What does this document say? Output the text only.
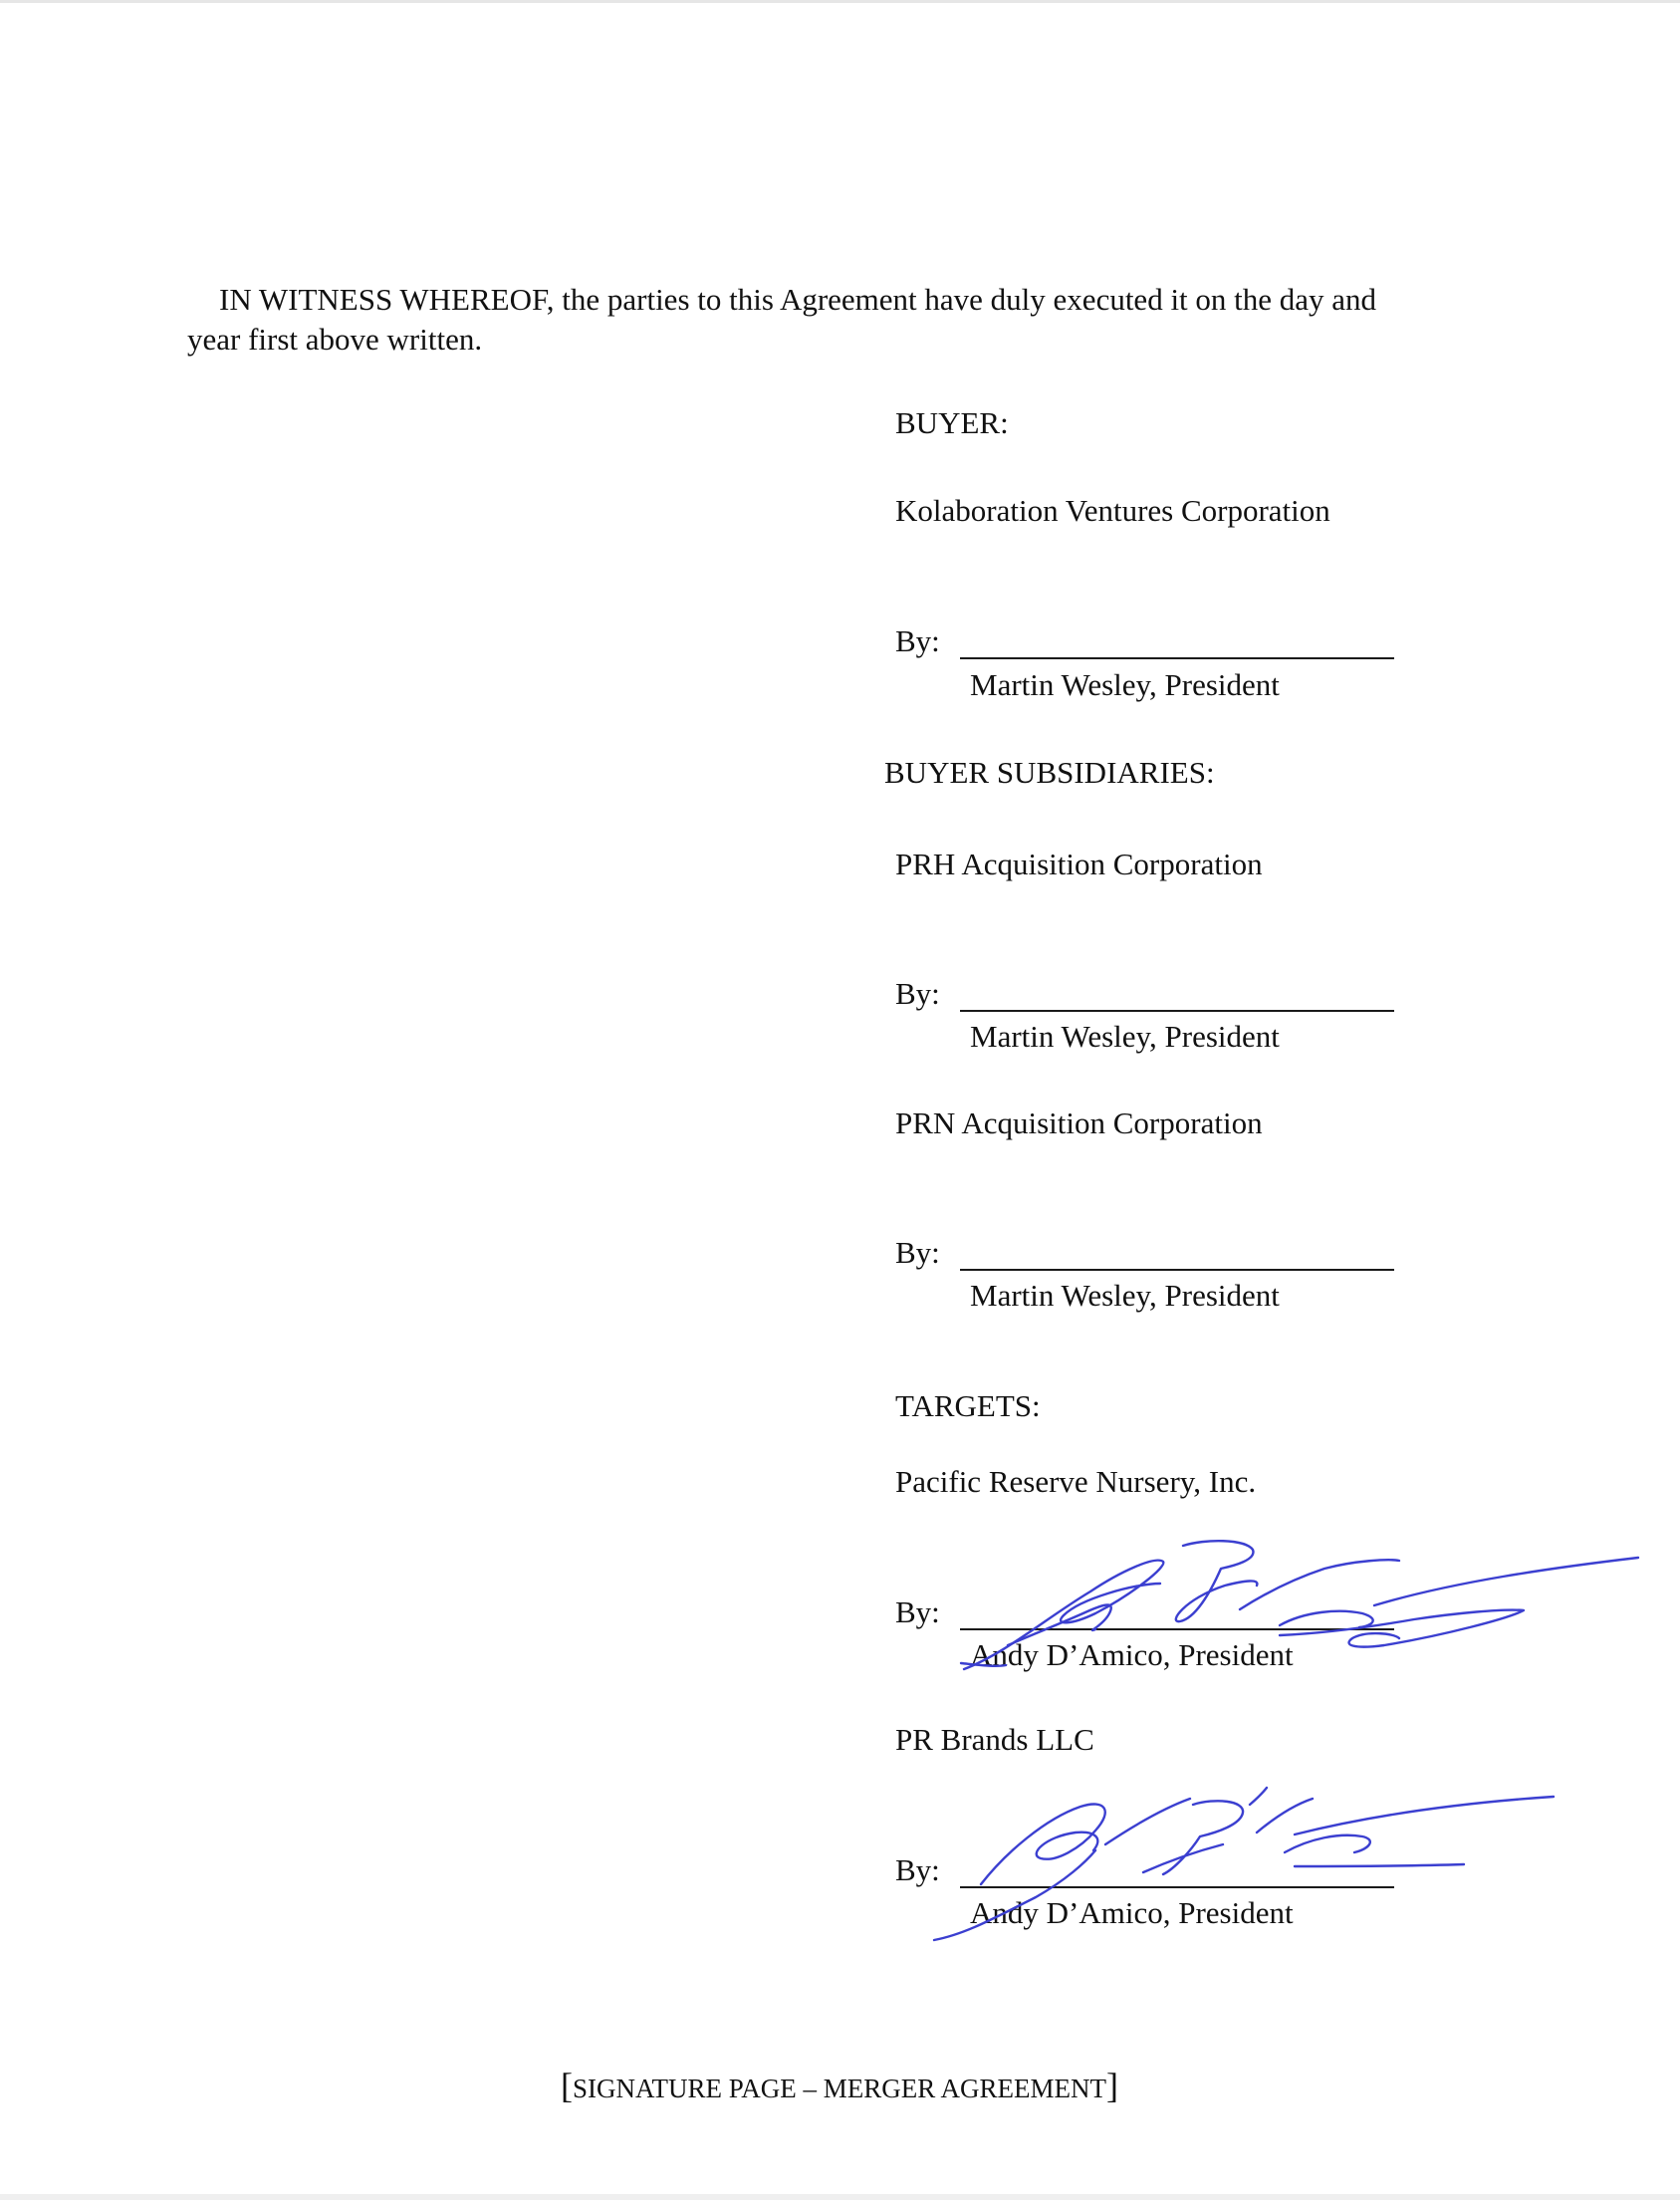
IN WITNESS WHEREOF, the parties to this Agreement have duly executed it on the day and
year first above written.
BUYER:
Kolaboration Ventures Corporation
By:
Martin Wesley, President
BUYER SUBSIDIARIES:
PRH Acquisition Corporation
By:
Martin Wesley, President
PRN Acquisition Corporation
By:
Martin Wesley, President
TARGETS:
Pacific Reserve Nursery, Inc.
By:
Andy D’Amico, President
PR Brands LLC
By:
Andy D’Amico, President
[SIGNATURE PAGE – MERGER AGREEMENT]
